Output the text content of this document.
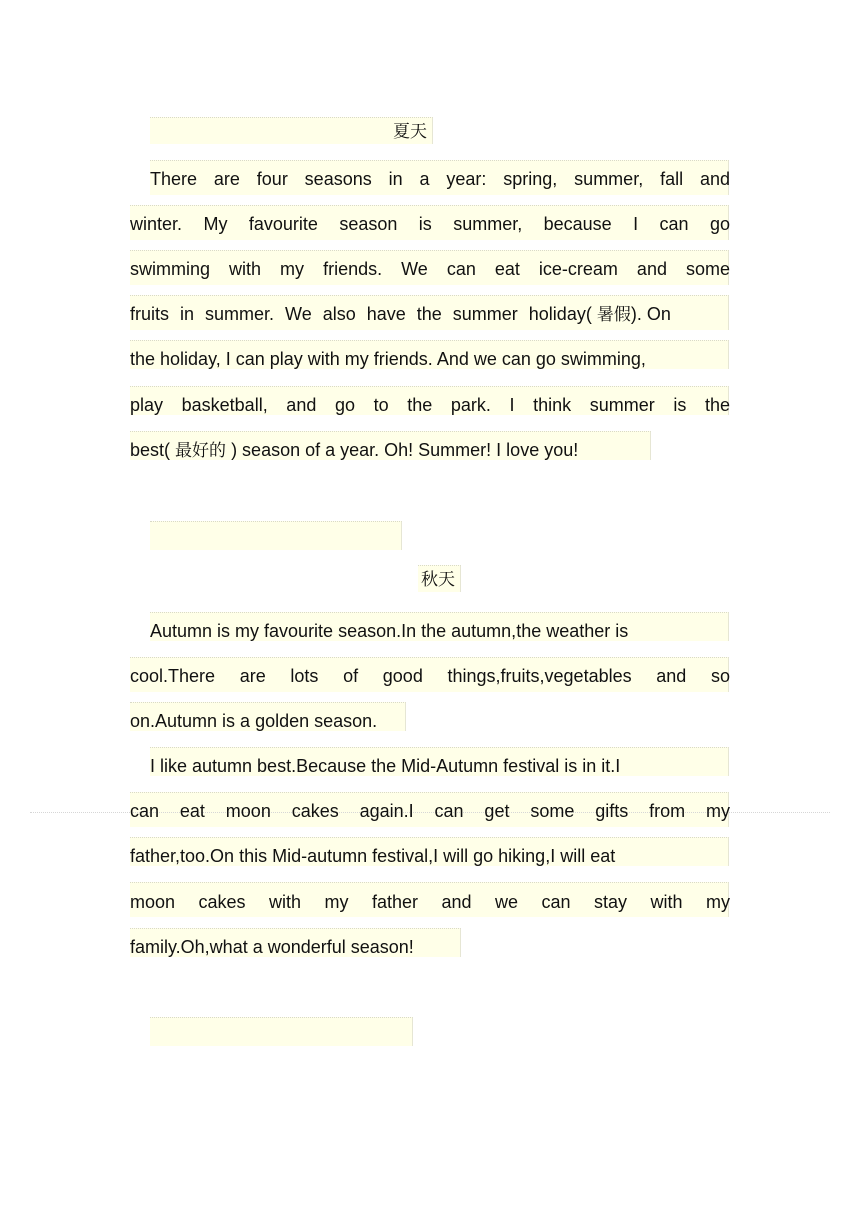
夏天
There are four seasons in a year: spring, summer, fall and
winter. My favourite season is summer, because I can go
swimming with my friends. We can eat ice-cream and some
fruits in summer. We also have the summer holiday( 暑假). On
the holiday, I can play with my friends. And we can go swimming,
play basketball, and go to the park. I think summer is the
best( 最好的 ) season of a year. Oh! Summer! I love you!
秋天
Autumn is my favourite season.In the autumn,the weather is
cool.There are lots of good things,fruits,vegetables and so
on.Autumn is a golden season.
I like autumn best.Because the Mid-Autumn festival is in it.I
can eat moon cakes again.I can get some gifts from my
father,too.On this Mid-autumn festival,I will go hiking,I will eat
moon cakes with my father and we can stay with my
family.Oh,what a wonderful season!
